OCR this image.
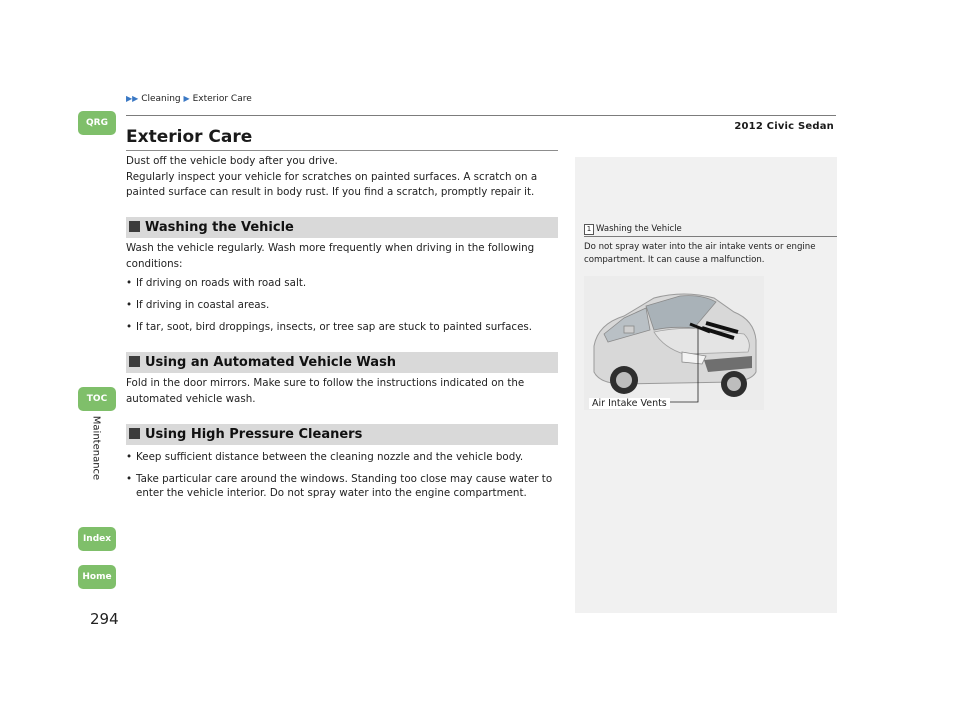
▶▶ Cleaning ▶ Exterior Care
2012 Civic Sedan
Exterior Care
Dust off the vehicle body after you drive.
Regularly inspect your vehicle for scratches on painted surfaces. A scratch on a painted surface can result in body rust. If you find a scratch, promptly repair it.
Washing the Vehicle
Wash the vehicle regularly. Wash more frequently when driving in the following conditions:
• If driving on roads with road salt.
• If driving in coastal areas.
• If tar, soot, bird droppings, insects, or tree sap are stuck to painted surfaces.
Using an Automated Vehicle Wash
Fold in the door mirrors. Make sure to follow the instructions indicated on the automated vehicle wash.
Using High Pressure Cleaners
• Keep sufficient distance between the cleaning nozzle and the vehicle body.
• Take particular care around the windows. Standing too close may cause water to enter the vehicle interior. Do not spray water into the engine compartment.
1 Washing the Vehicle
Do not spray water into the air intake vents or engine compartment. It can cause a malfunction.
Air Intake Vents
QRG
TOC
Index
Home
Maintenance
294
